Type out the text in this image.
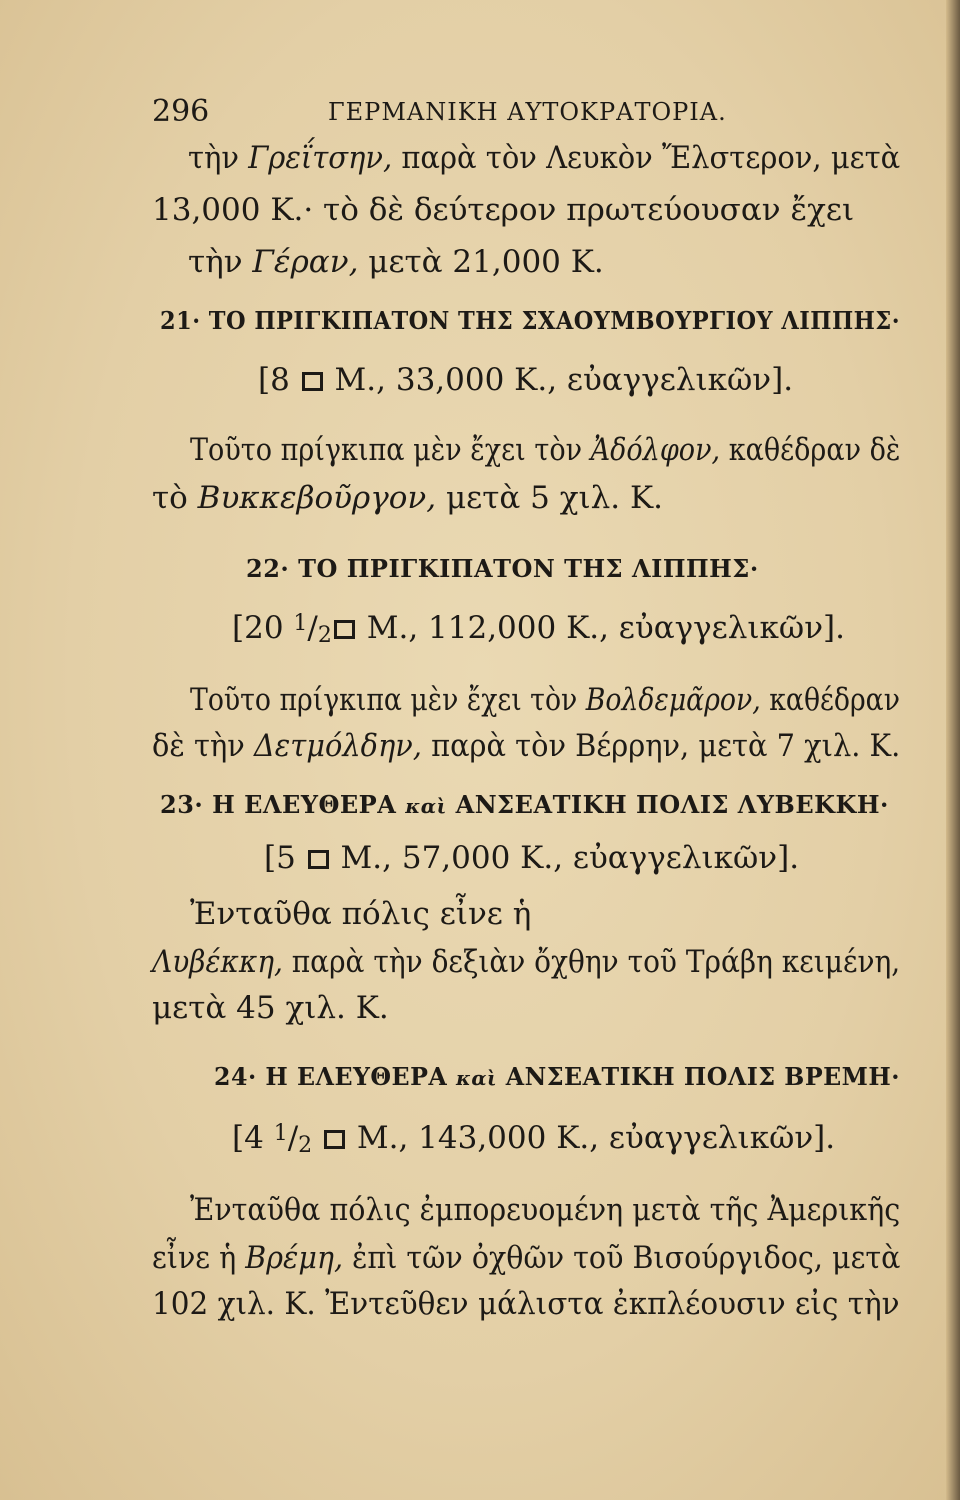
296	ΓΕΡΜΑΝΙΚΗ ΑΥΤΟΚΡΑΤΟΡΙΑ.
τὴν Γρεΐτσην, παρὰ τὸν Λευκὸν Ἔλστερον, μετὰ
13,000 Κ.· τὸ δὲ δεύτερον πρωτεύουσαν ἔχει
τὴν Γέραν, μετὰ 21,000 Κ.
21· ΤΟ ΠΡΙΓΚΙΠΑΤΟΝ ΤΗΣ ΣΧΑΟΥΜΒΟΥΡΓΙΟΥ ΛΙΠΠΗΣ·
[8 Μ., 33,000 Κ., εὐαγγελικῶν].
Τοῦτο πρίγκιπα μὲν ἔχει τὸν Ἀδόλφον, καθέδραν δὲ
τὸ Βυκκεβοῦργον, μετὰ 5 χιλ. Κ.
22· ΤΟ ΠΡΙΓΚΙΠΑΤΟΝ ΤΗΣ ΛΙΠΠΗΣ·
[20 $^1$/2 Μ., 112,000 Κ., εὐαγγελικῶν].
Τοῦτο πρίγκιπα μὲν ἔχει τὸν Βολδεμᾶρον, καθέδραν
δὲ τὴν Δετμόλδην, παρὰ τὸν Βέρρην, μετὰ 7 χιλ. Κ.
23· Η ΕΛΕΥΘΕΡΑ καὶ ΑΝΣΕΑΤΙΚΗ ΠΟΛΙΣ ΛΥΒΕΚΚΗ·
[5 Μ., 57,000 Κ., εὐαγγελικῶν].
Ἐνταῦθα πόλις εἶνε ἡ
Λυβέκκη, παρὰ τὴν δεξιὰν ὄχθην τοῦ Τράβη κειμένη,
μετὰ 45 χιλ. Κ.
24· Η ΕΛΕΥΘΕΡΑ καὶ ΑΝΣΕΑΤΙΚΗ ΠΟΛΙΣ ΒΡΕΜΗ·
[4 $^1$/2 Μ., 143,000 Κ., εὐαγγελικῶν].
Ἐνταῦθα πόλις ἐμπορευομένη μετὰ τῆς Ἀμερικῆς
εἶνε ἡ Βρέμη, ἐπὶ τῶν ὀχθῶν τοῦ Βισούργιδος, μετὰ
102 χιλ. Κ. Ἐντεῦθεν μάλιστα ἐκπλέουσιν εἰς τὴν
